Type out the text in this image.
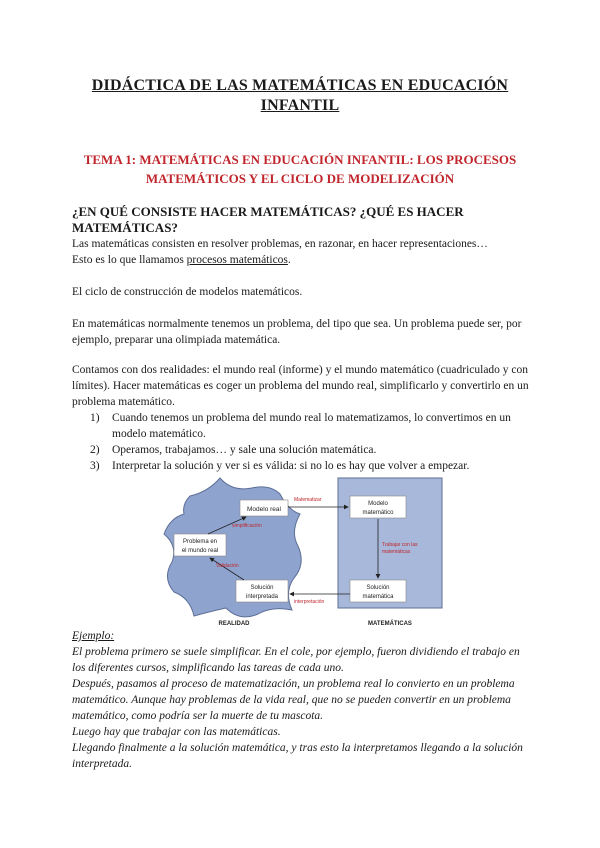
DIDÁCTICA DE LAS MATEMÁTICAS EN EDUCACIÓN INFANTIL
TEMA 1: MATEMÁTICAS EN EDUCACIÓN INFANTIL: LOS PROCESOS MATEMÁTICOS Y EL CICLO DE MODELIZACIÓN
¿EN QUÉ CONSISTE HACER MATEMÁTICAS? ¿QUÉ ES HACER MATEMÁTICAS?
Las matemáticas consisten en resolver problemas, en razonar, en hacer representaciones…
Esto es lo que llamamos procesos matemáticos.
El ciclo de construcción de modelos matemáticos.
En matemáticas normalmente tenemos un problema, del tipo que sea. Un problema puede ser, por ejemplo, preparar una olimpiada matemática.
Contamos con dos realidades: el mundo real (informe) y el mundo matemático (cuadriculado y con límites). Hacer matemáticas es coger un problema del mundo real, simplificarlo y convertirlo en un problema matemático.
1) Cuando tenemos un problema del mundo real lo matematizamos, lo convertimos en un modelo matemático.
2) Operamos, trabajamos… y sale una solución matemática.
3) Interpretar la solución y ver si es válida: si no lo es hay que volver a empezar.
Modelo real
Problema en
el mundo real
Solución
interpretada
Modelo
matemático
Solución
matemática
simplificación
Matematizar
Trabajar con las
matemáticas
interpretación
Validación
REALIDAD	MATEMÁTICAS
Ejemplo:
El problema primero se suele simplificar. En el cole, por ejemplo, fueron dividiendo el trabajo en los diferentes cursos, simplificando las tareas de cada uno.
Después, pasamos al proceso de matematización, un problema real lo convierto en un problema matemático. Aunque hay problemas de la vida real, que no se pueden convertir en un problema matemático, como podría ser la muerte de tu mascota.
Luego hay que trabajar con las matemáticas.
Llegando finalmente a la solución matemática, y tras esto la interpretamos llegando a la solución interpretada.
